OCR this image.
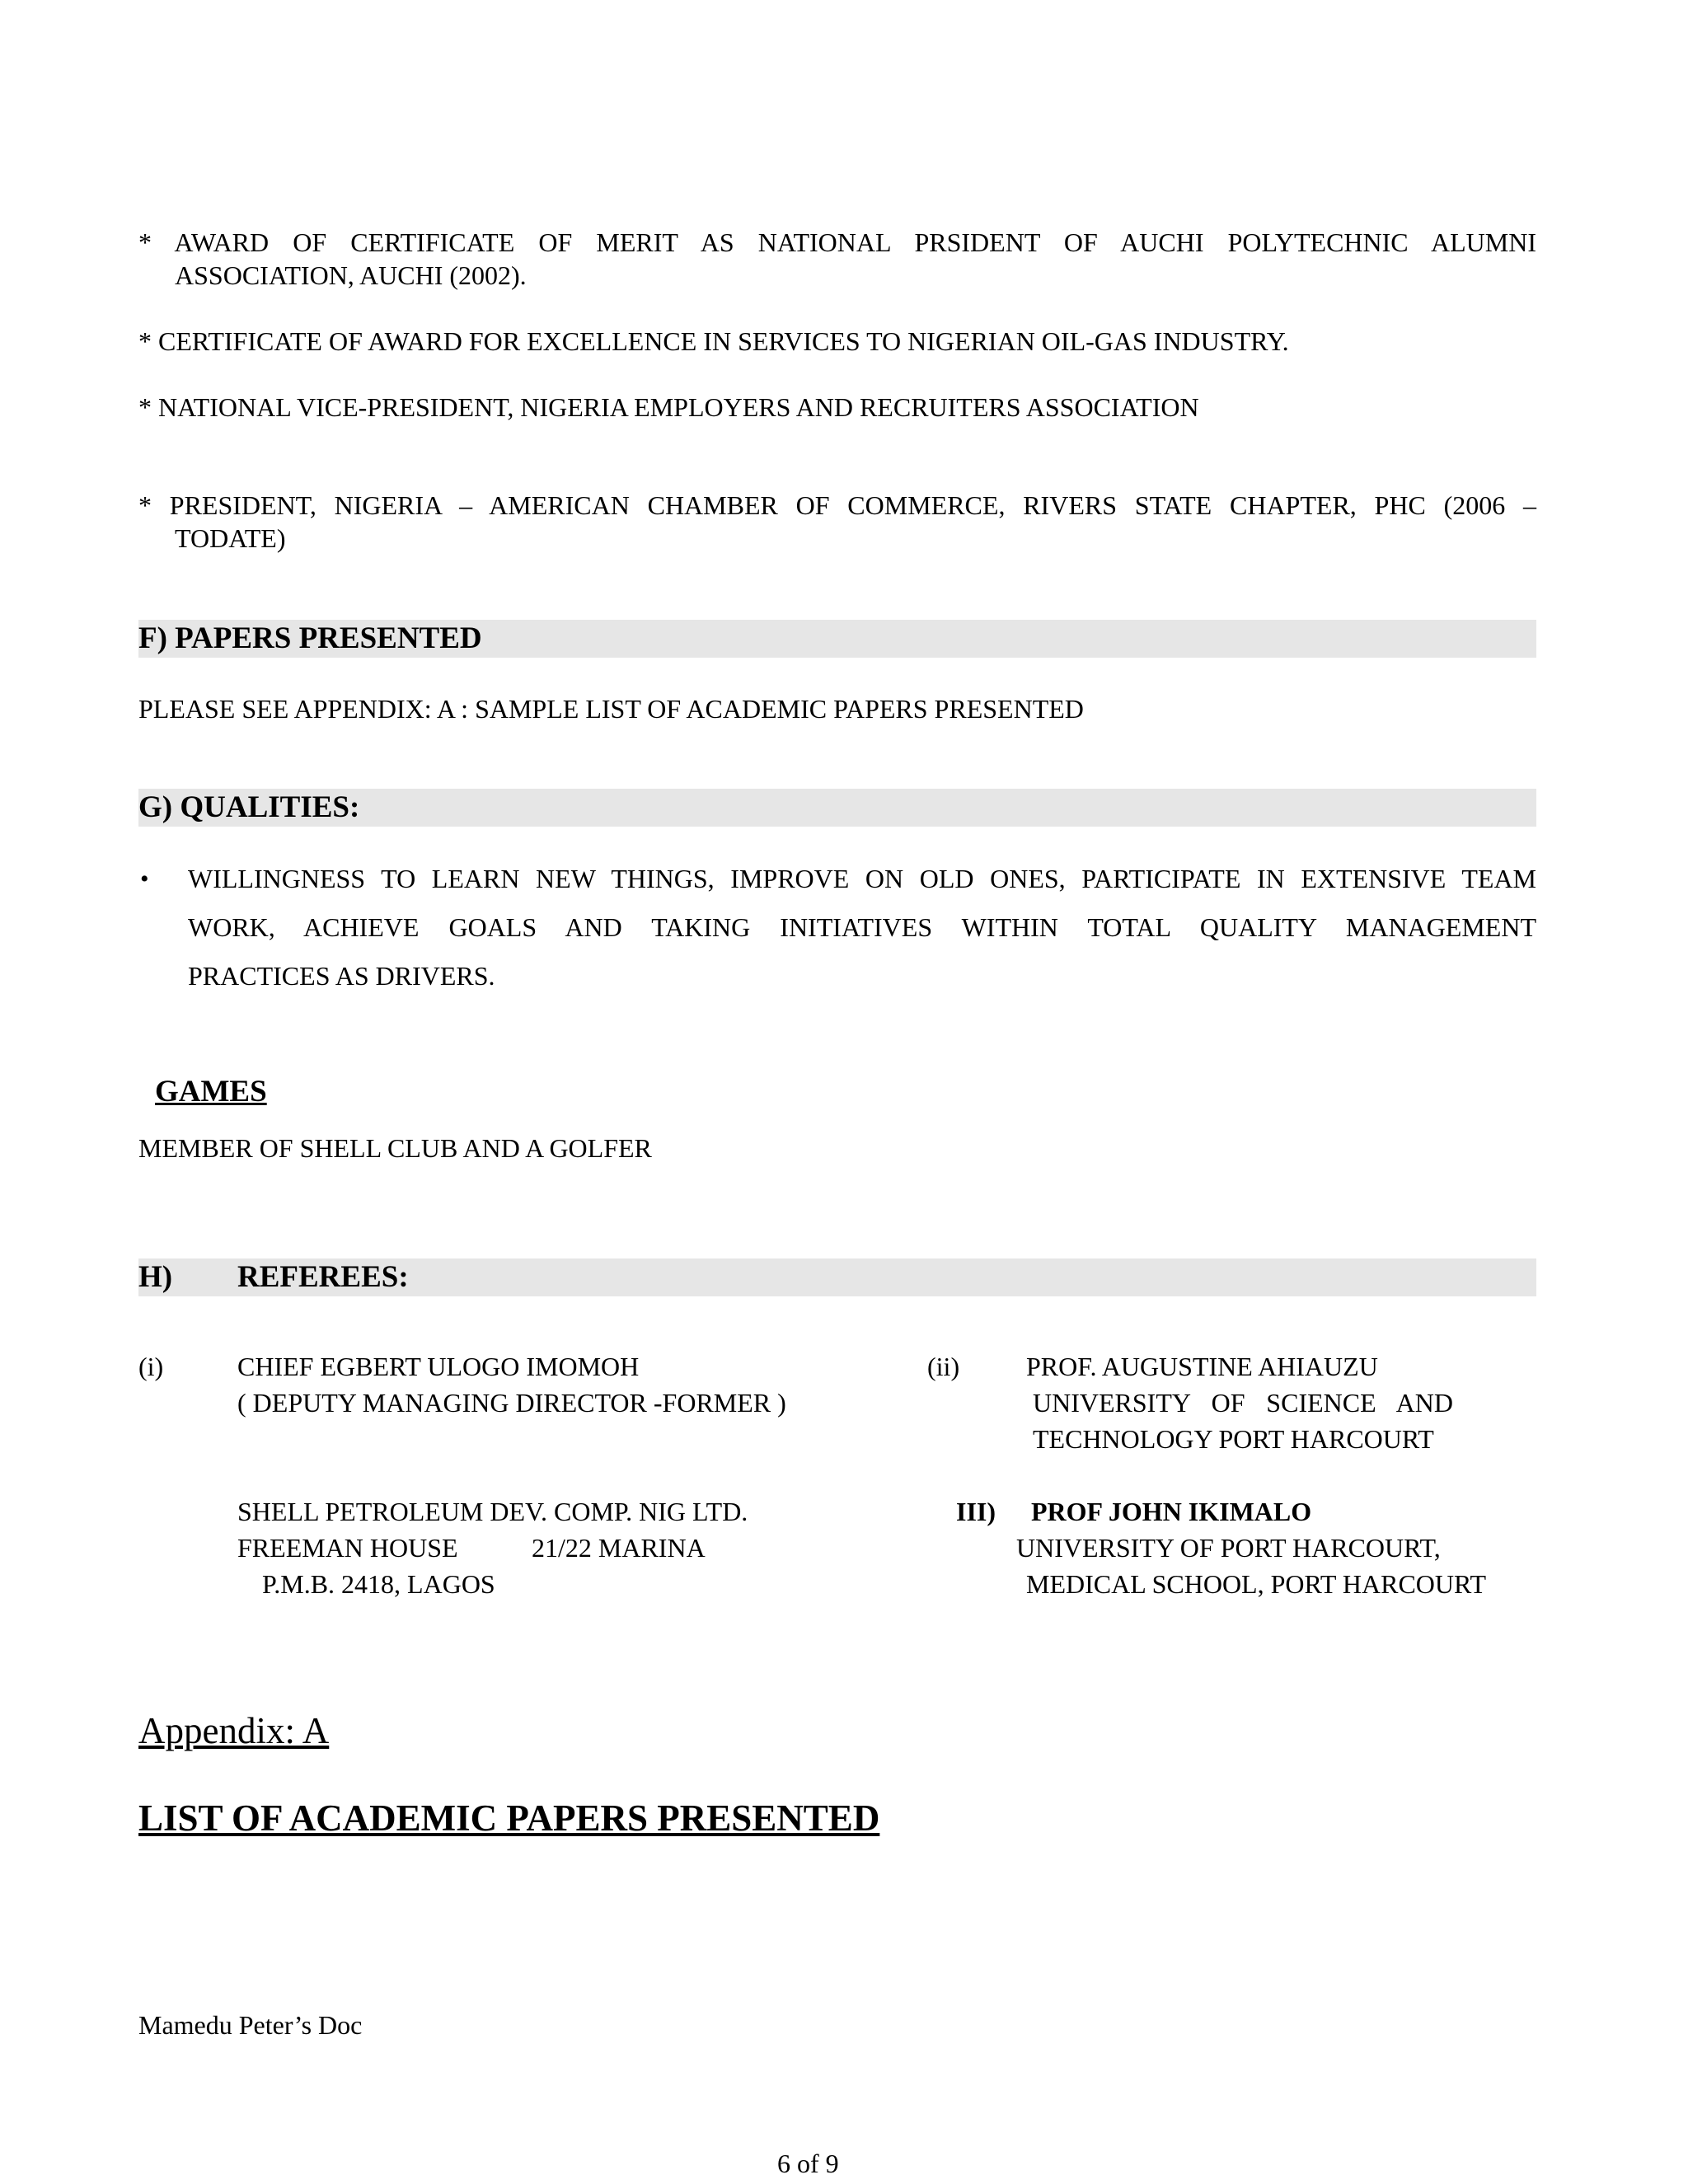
* AWARD OF CERTIFICATE OF MERIT AS NATIONAL PRSIDENT OF AUCHI POLYTECHNIC ALUMNI
ASSOCIATION, AUCHI (2002).
* CERTIFICATE OF AWARD FOR EXCELLENCE IN SERVICES TO NIGERIAN OIL-GAS INDUSTRY.
* NATIONAL VICE-PRESIDENT, NIGERIA EMPLOYERS AND RECRUITERS ASSOCIATION
* PRESIDENT, NIGERIA – AMERICAN CHAMBER OF COMMERCE, RIVERS STATE CHAPTER, PHC (2006 –
TODATE)
F) PAPERS PRESENTED
PLEASE SEE APPENDIX: A : SAMPLE LIST OF ACADEMIC PAPERS PRESENTED
G) QUALITIES:
• WILLINGNESS TO LEARN NEW THINGS, IMPROVE ON OLD ONES, PARTICIPATE IN EXTENSIVE TEAM
WORK, ACHIEVE GOALS AND TAKING INITIATIVES WITHIN TOTAL QUALITY MANAGEMENT
PRACTICES AS DRIVERS.
GAMES
MEMBER OF SHELL CLUB AND A GOLFER
H) REFEREES:
(i)	CHIEF EGBERT ULOGO IMOMOH
( DEPUTY MANAGING DIRECTOR -FORMER )
SHELL PETROLEUM DEV. COMP. NIG LTD.
FREEMAN HOUSE	21/22 MARINA
P.M.B. 2418, LAGOS
(ii)	PROF. AUGUSTINE AHIAUZU
UNIVERSITY OF SCIENCE AND
TECHNOLOGY PORT HARCOURT
III) PROF JOHN IKIMALO
UNIVERSITY OF PORT HARCOURT,
MEDICAL SCHOOL, PORT HARCOURT
Appendix: A
LIST OF ACADEMIC PAPERS PRESENTED
Mamedu Peter’s Doc
6 of 9
